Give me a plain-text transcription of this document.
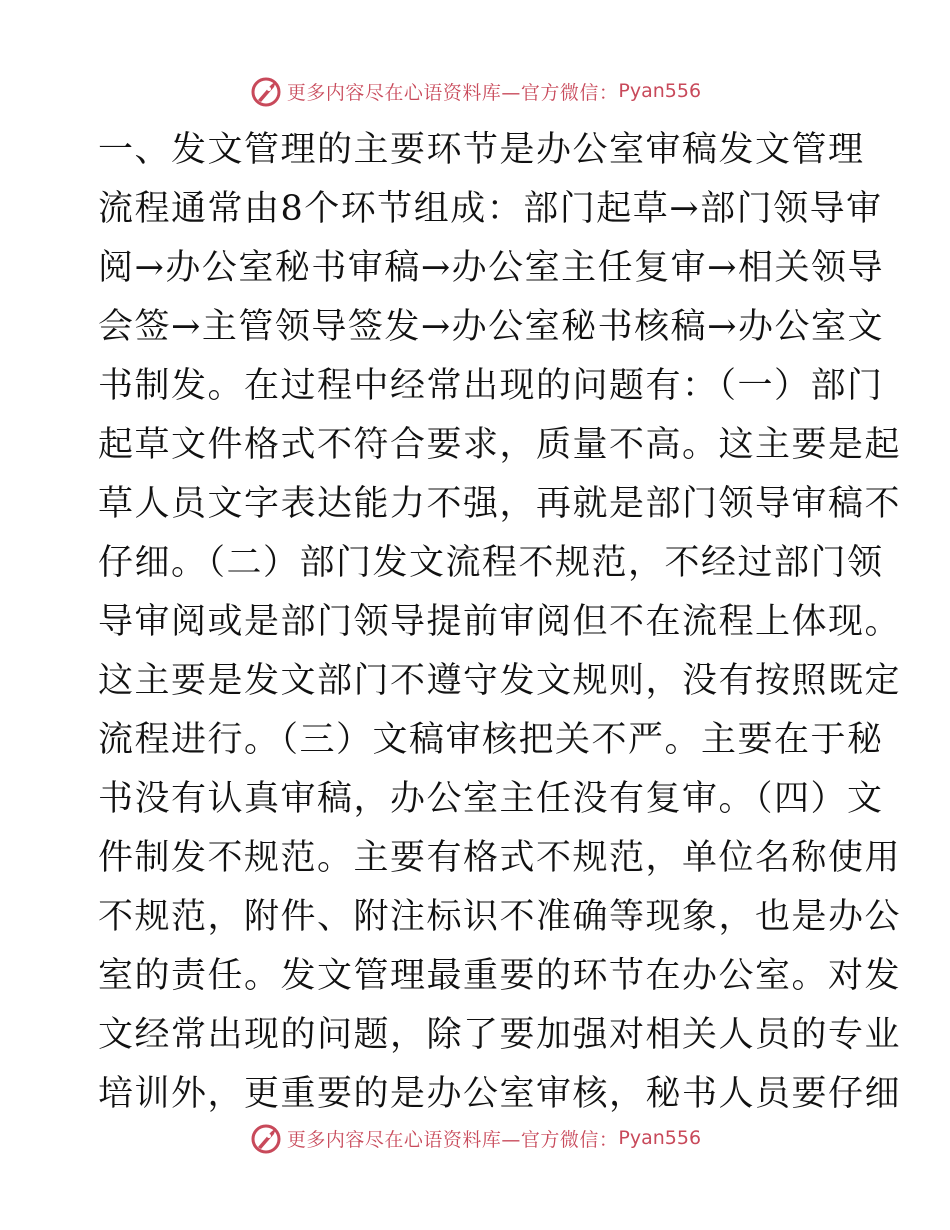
更多内容尽在心语资料库—官方微信： Pyan556
一、发文管理的主要环节是办公室审稿发文管理
流程通常由8个环节组成：部门起草→部门领导审
阅→办公室秘书审稿→办公室主任复审→相关领导
会签→主管领导签发→办公室秘书核稿→办公室文
书制发。在过程中经常出现的问题有：（一）部门
起草文件格式不符合要求，质量不高。这主要是起
草人员文字表达能力不强，再就是部门领导审稿不
仔细。（二）部门发文流程不规范，不经过部门领
导审阅或是部门领导提前审阅但不在流程上体现。
这主要是发文部门不遵守发文规则，没有按照既定
流程进行。（三）文稿审核把关不严。主要在于秘
书没有认真审稿，办公室主任没有复审。（四）文
件制发不规范。主要有格式不规范，单位名称使用
不规范，附件、附注标识不准确等现象，也是办公
室的责任。发文管理最重要的环节在办公室。对发
文经常出现的问题，除了要加强对相关人员的专业
培训外，更重要的是办公室审核，秘书人员要仔细
更多内容尽在心语资料库—官方微信： Pyan556
